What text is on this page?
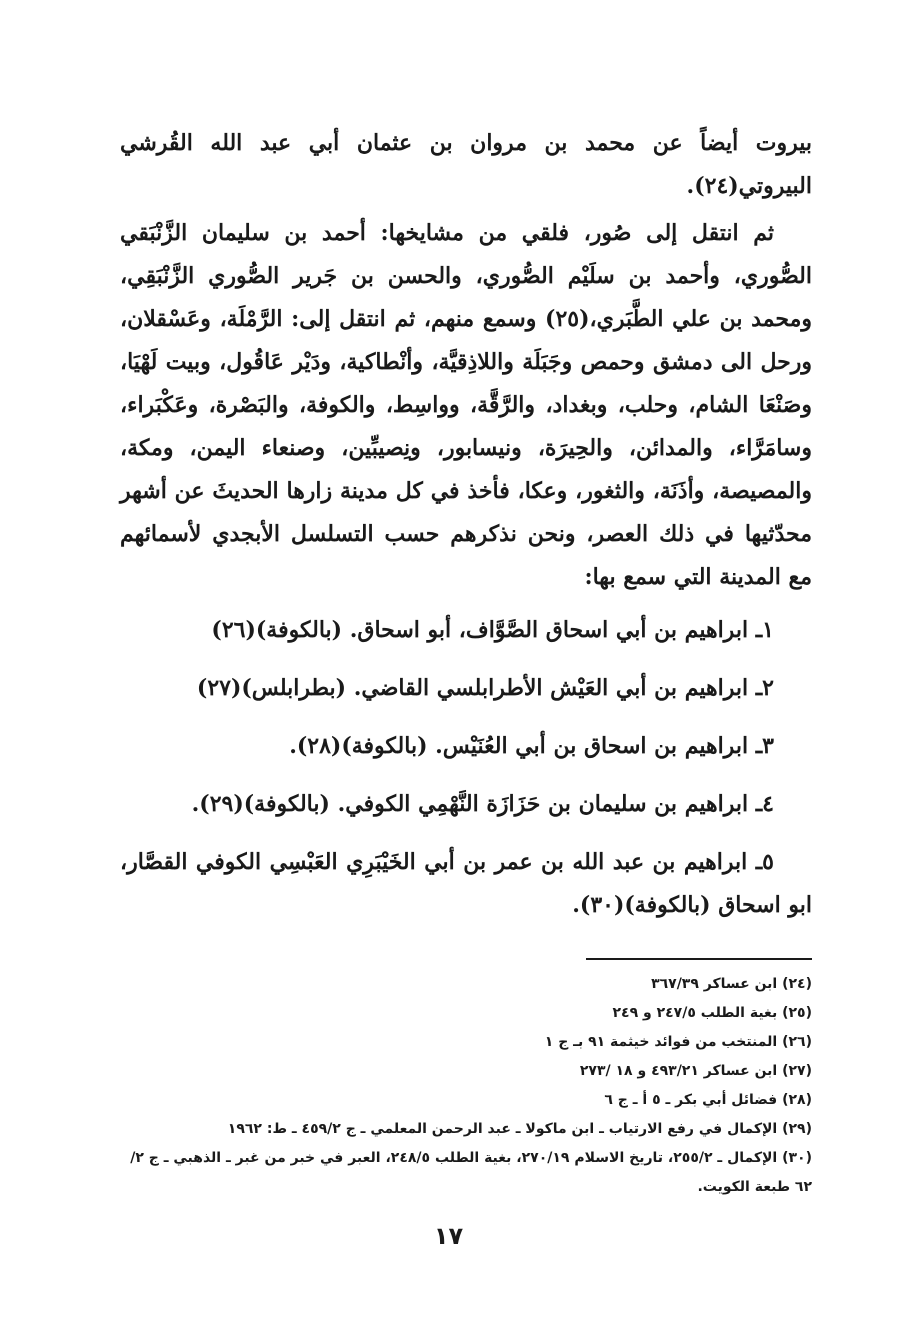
بيروت أيضاً عن محمد بن مروان بن عثمان أبي عبد الله القُرشي البيروتي(٢٤).

ثم انتقل إلى صُور، فلقي من مشايخها: أحمد بن سليمان الزَّنْبَقي الصُّوري، وأحمد بن سلَيْم الصُّوري، والحسن بن جَرير الصُّوري الزَّنْبَقِي، ومحمد بن علي الطَّبَري،(٢٥) وسمع منهم، ثم انتقل إلى: الرَّمْلَة، وعَسْقلان، ورحل الى دمشق وحمص وجَبَلَة واللاذِقيَّة، وأنْطاكية، ودَيْر عَاقُول، وبيت لَهْيَا، وصَنْعَا الشام، وحلب، وبغداد، والرَّقَّة، وواسِط، والكوفة، والبَصْرة، وعَكْبَراء، وسامَرَّاء، والمدائن، والحِيرَة، ونيسابور، ونِصيبِّين، وصنعاء اليمن، ومكة، والمصيصة، وأذَنَة، والثغور، وعكا، فأخذ في كل مدينة زارها الحديثَ عن أشهر محدّثيها في ذلك العصر، ونحن نذكرهم حسب التسلسل الأبجدي لأسمائهم مع المدينة التي سمع بها:

١ـ ابراهيم بن أبي اسحاق الصَّوَّاف، أبو اسحاق. (بالكوفة)(٢٦)
٢ـ ابراهيم بن أبي العَيْش الأطرابلسي القاضي. (بطرابلس)(٢٧)
٣ـ ابراهيم بن اسحاق بن أبي العُنَيْس. (بالكوفة)(٢٨).
٤ـ ابراهيم بن سليمان بن حَزَازَة النَّهْمِي الكوفي. (بالكوفة)(٢٩).
٥ـ ابراهيم بن عبد الله بن عمر بن أبي الخَيْبَرِي العَبْسِي الكوفي القصَّار، ابو اسحاق (بالكوفة)(٣٠).

(٢٤) ابن عساكر ٣٦٧/٣٩

(٢٥) بغية الطلب ٢٤٧/٥ و ٢٤٩

(٢٦) المنتخب من فوائد خيثمة ٩١ بـ ج ١

(٢٧) ابن عساكر ٤٩٣/٢١ و ١٨ /٢٧٣

(٢٨) فضائل أبي بكر ـ ٥ أ ـ ج ٦

(٢٩) الإكمال في رفع الارتياب ـ ابن ماكولا ـ عبد الرحمن المعلمي ـ ج ٤٥٩/٢ ـ ط: ١٩٦٢

(٣٠) الإكمال ـ ٢٥٥/٢، تاريخ الاسلام ٢٧٠/١٩، بغية الطلب ٢٤٨/٥، العبر في خبر من غبر ـ الذهبي ـ ج ٢/ ٦٢ طبعة الكويت.

١٧
